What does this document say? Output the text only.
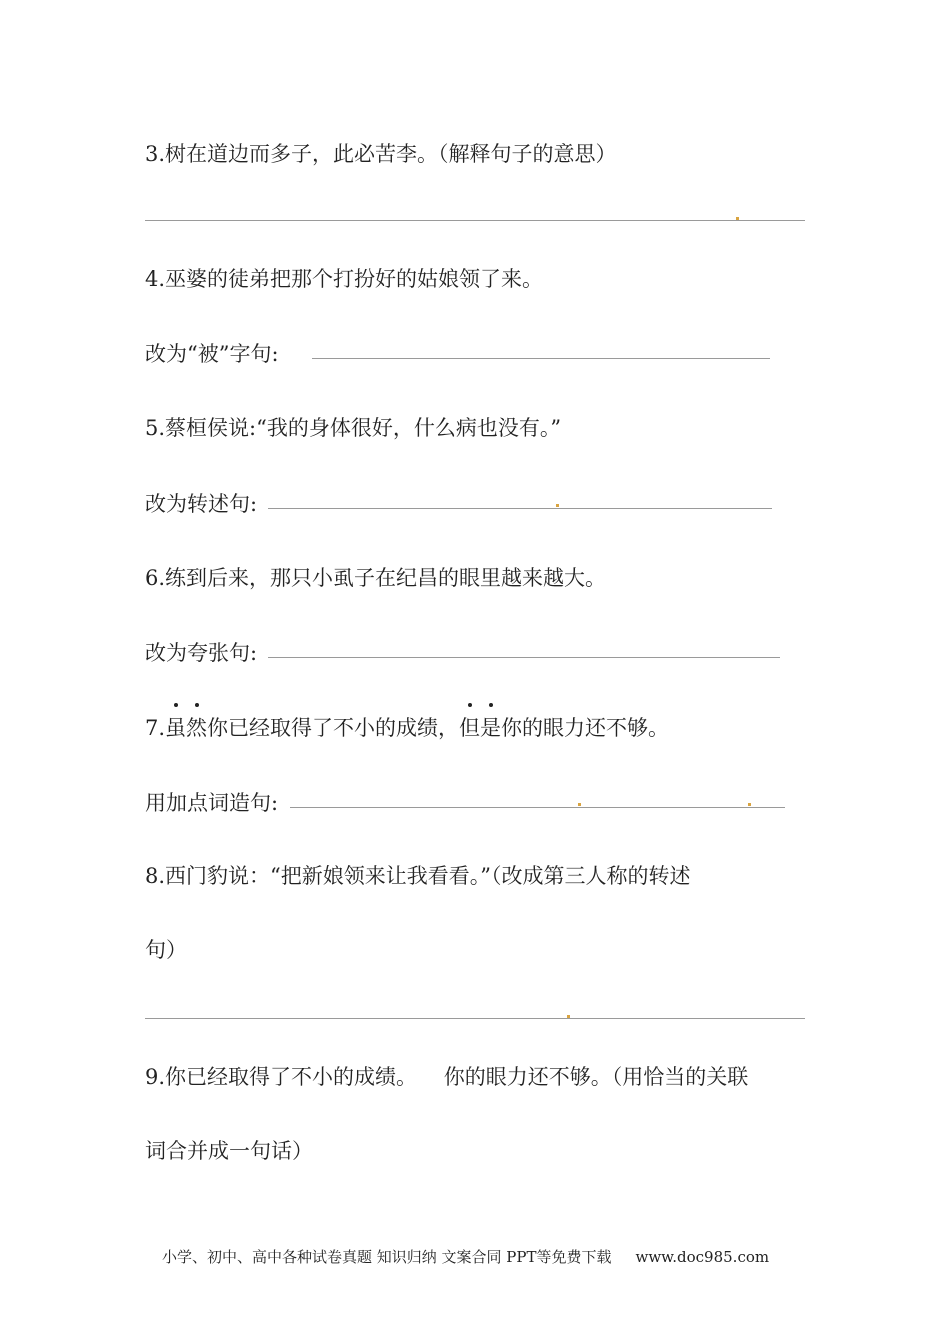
3.树在道边而多子，此必苦李。（解释句子的意思）
4.巫婆的徒弟把那个打扮好的姑娘领了来。
改为“被”字句:
5.蔡桓侯说:“我的身体很好，什么病也没有。”
改为转述句:
6.练到后来，那只小虱子在纪昌的眼里越来越大。
改为夸张句:
7.虽然你已经取得了不小的成绩，但是你的眼力还不够。
用加点词造句:
8.西门豹说：“把新娘领来让我看看。”（改成第三人称的转述
句）
9.你已经取得了不小的成绩。    你的眼力还不够。（用恰当的关联
词合并成一句话）
小学、初中、高中各种试卷真题 知识归纳 文案合同 PPT等免费下载 www.doc985.com
